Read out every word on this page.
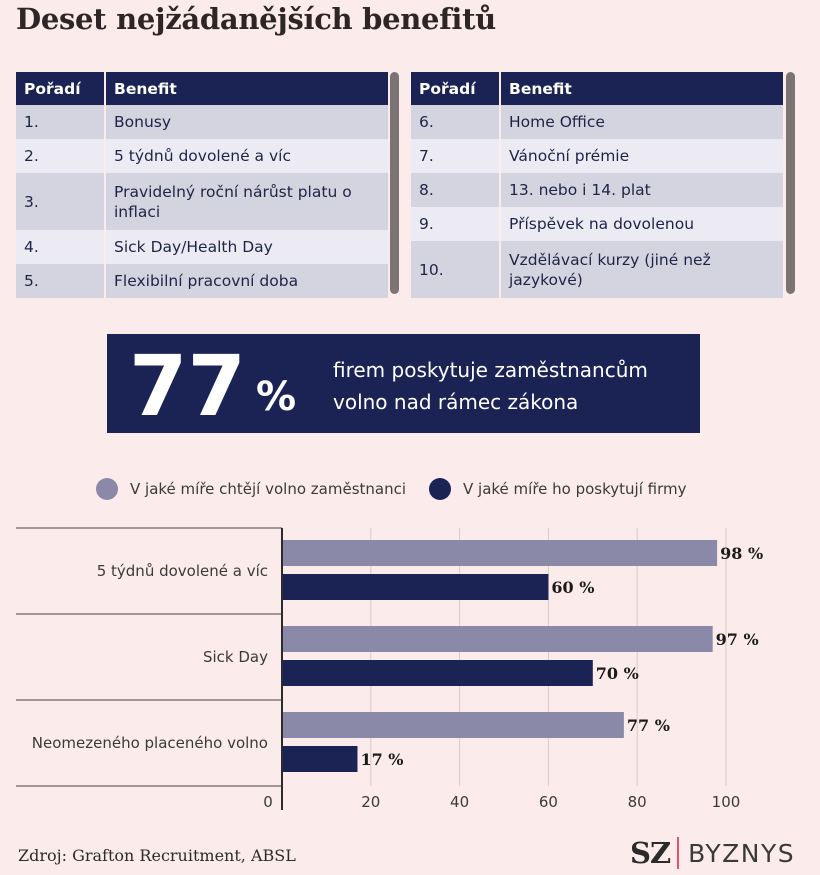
Deset nejžádanějších benefitů
Pořadí	Benefit
1.	Bonusy
2.	5 týdnů dovolené a víc
3.	Pravidelný roční nárůst platu o inflaci
4.	Sick Day/Health Day
5.	Flexibilní pracovní doba
Pořadí	Benefit
6.	Home Office
7.	Vánoční prémie
8.	13. nebo i 14. plat
9.	Příspěvek na dovolenou
10.	Vzdělávací kurzy (jiné než jazykové)
77 %
firem poskytuje zaměstnancům volno nad rámec zákona
V jaké míře chtějí volno zaměstnanci	V jaké míře ho poskytují firmy
0	20	40	60	80	100
5 týdnů dovolené a víc
98 %
60 %
Sick Day
97 %
70 %
Neomezeného placeného volno
77 %
17 %
Zdroj: Grafton Recruitment, ABSL	SZ BYZNYS
